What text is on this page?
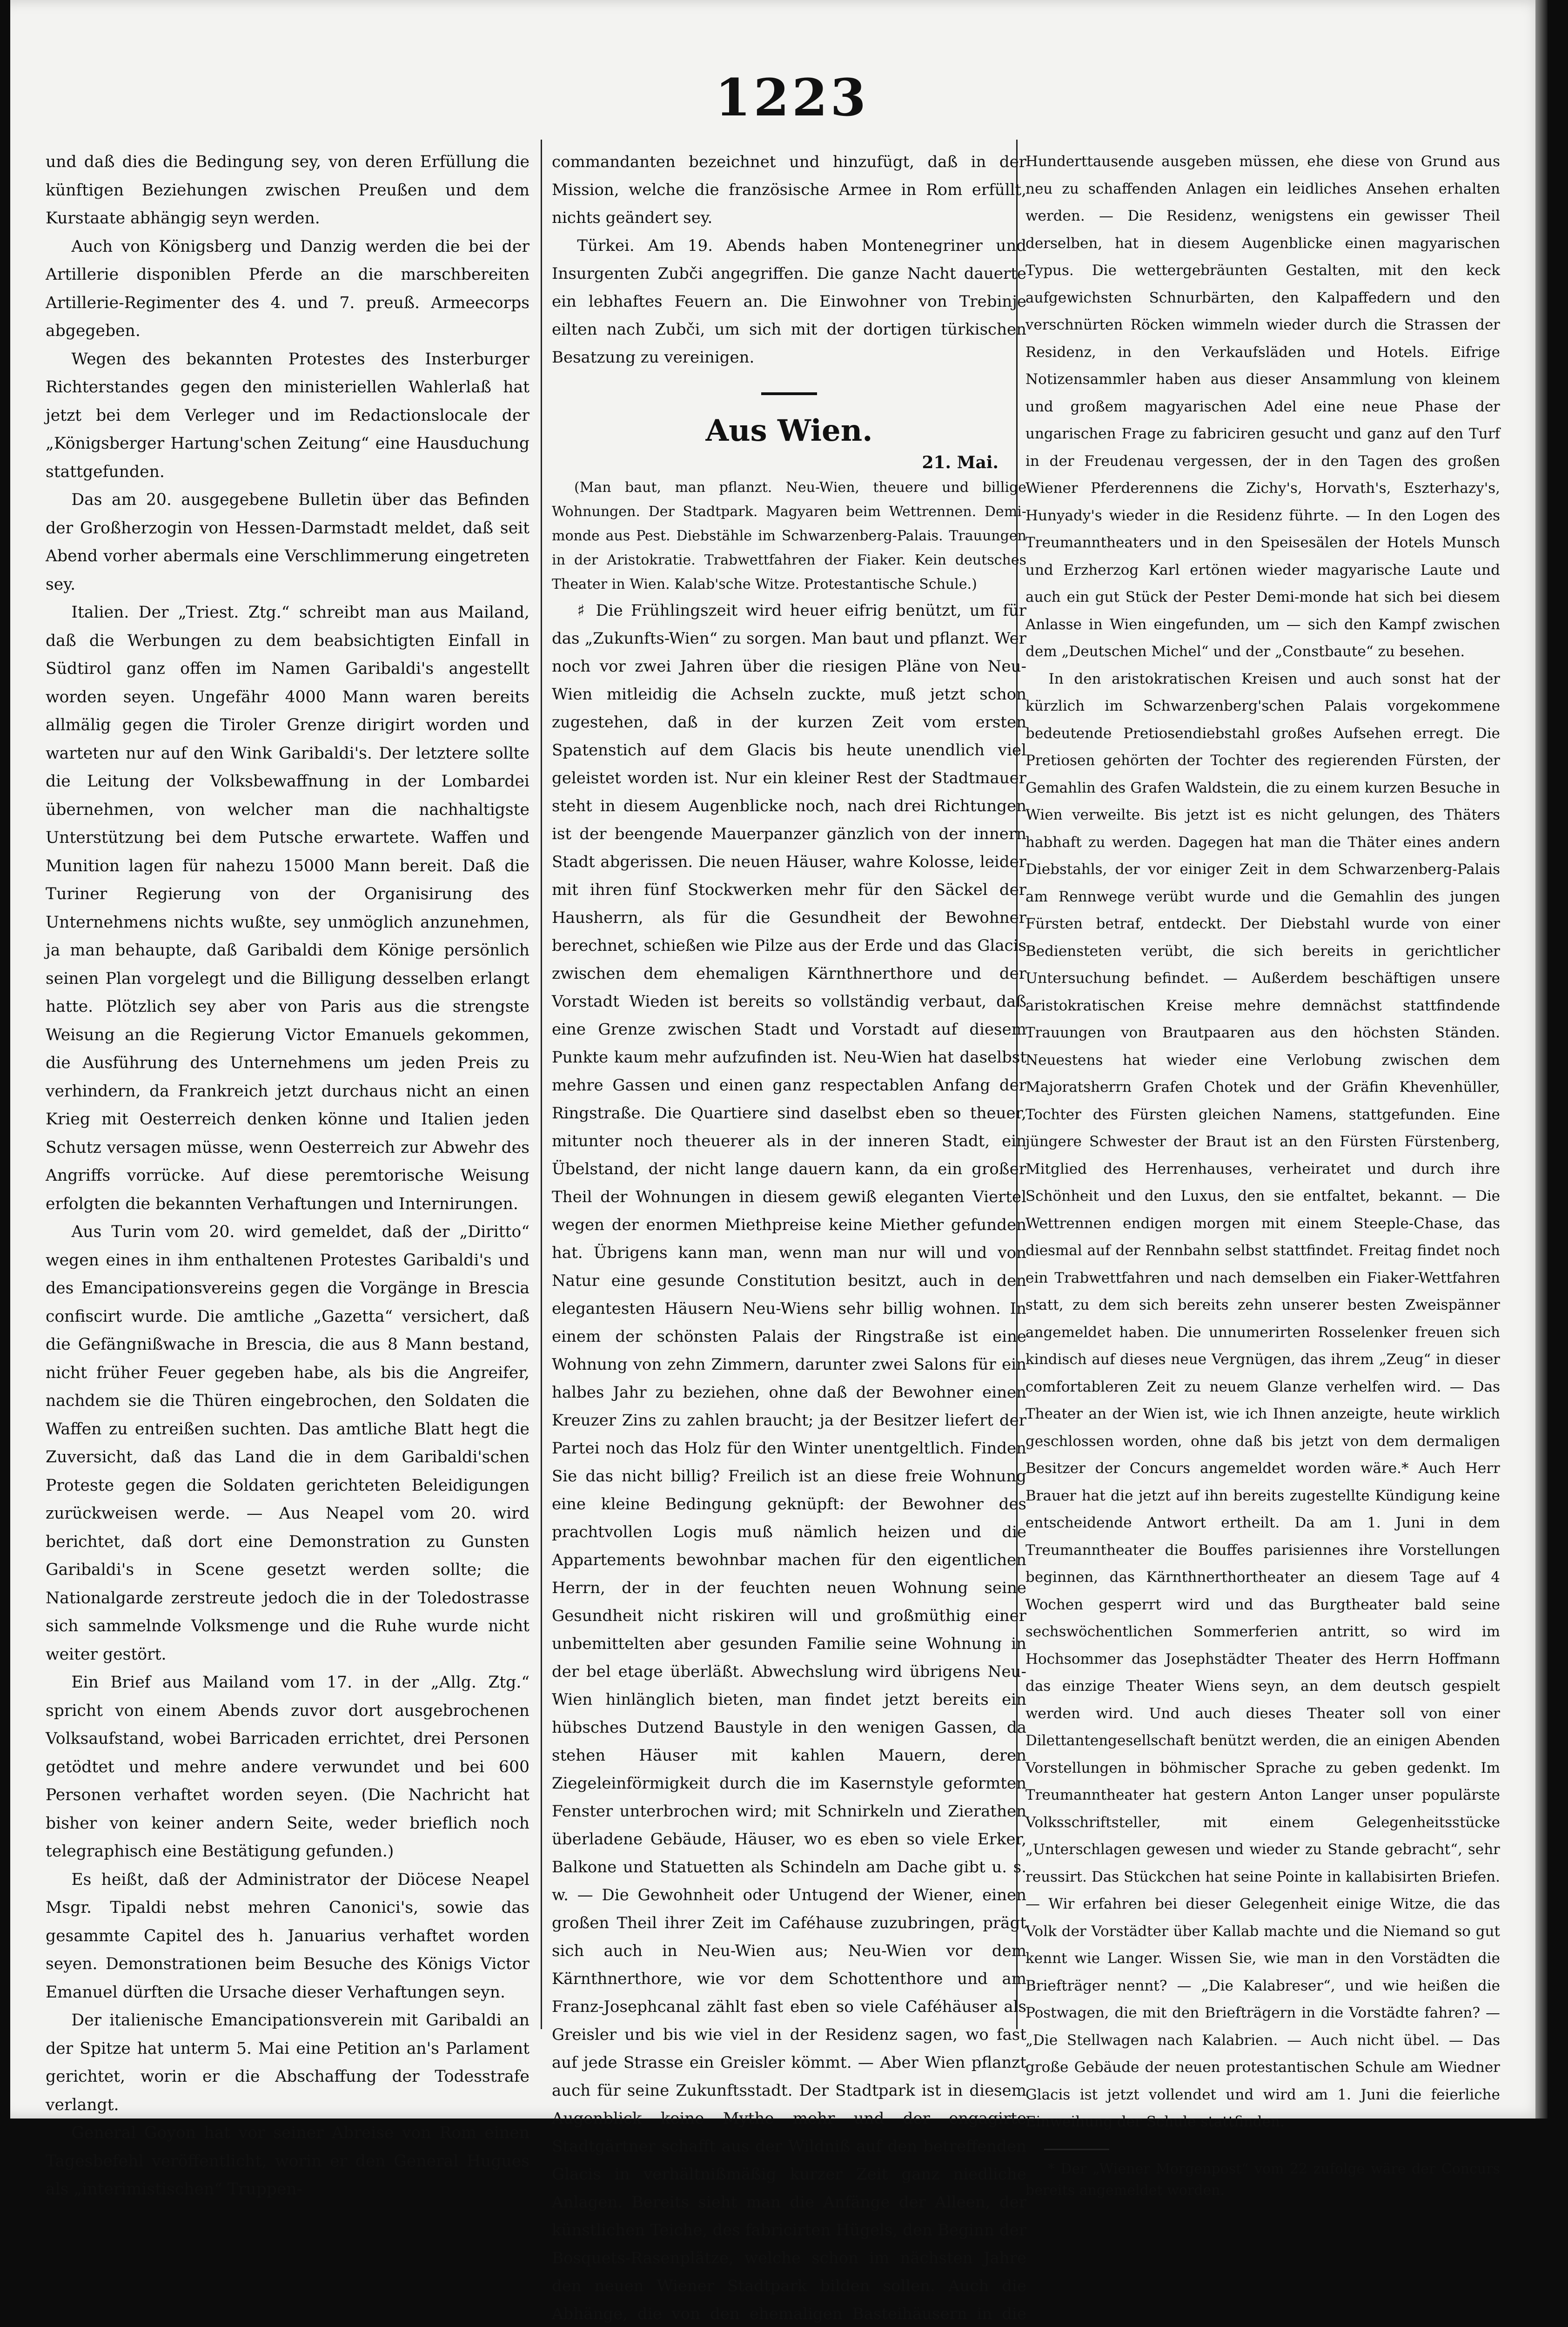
1223

und daß dies die Bedingung sey, von deren Erfüllung die künftigen Beziehungen zwischen Preußen und dem Kurstaate abhängig seyn werden.

Auch von Königsberg und Danzig werden die bei der Artillerie disponiblen Pferde an die marschbereiten Artillerie-Regimenter des 4. und 7. preuß. Armeecorps abgegeben.

Wegen des bekannten Protestes des Insterburger Richterstandes gegen den ministeriellen Wahlerlaß hat jetzt bei dem Verleger und im Redactionslocale der „Königsberger Hartung'schen Zeitung“ eine Hausduchung stattgefunden.

Das am 20. ausgegebene Bulletin über das Befinden der Großherzogin von Hessen-Darmstadt meldet, daß seit Abend vorher abermals eine Verschlimmerung eingetreten sey.

Italien. Der „Triest. Ztg.“ schreibt man aus Mailand, daß die Werbungen zu dem beabsichtigten Einfall in Südtirol ganz offen im Namen Garibaldi's angestellt worden seyen. Ungefähr 4000 Mann waren bereits allmälig gegen die Tiroler Grenze dirigirt worden und warteten nur auf den Wink Garibaldi's. Der letztere sollte die Leitung der Volksbewaffnung in der Lombardei übernehmen, von welcher man die nachhaltigste Unterstützung bei dem Putsche erwartete. Waffen und Munition lagen für nahezu 15000 Mann bereit. Daß die Turiner Regierung von der Organisirung des Unternehmens nichts wußte, sey unmöglich anzunehmen, ja man behaupte, daß Garibaldi dem Könige persönlich seinen Plan vorgelegt und die Billigung desselben erlangt hatte. Plötzlich sey aber von Paris aus die strengste Weisung an die Regierung Victor Emanuels gekommen, die Ausführung des Unternehmens um jeden Preis zu verhindern, da Frankreich jetzt durchaus nicht an einen Krieg mit Oesterreich denken könne und Italien jeden Schutz versagen müsse, wenn Oesterreich zur Abwehr des Angriffs vorrücke. Auf diese peremtorische Weisung erfolgten die bekannten Verhaftungen und Internirungen.

Aus Turin vom 20. wird gemeldet, daß der „Diritto“ wegen eines in ihm enthaltenen Protestes Garibaldi's und des Emancipationsvereins gegen die Vorgänge in Brescia confiscirt wurde. Die amtliche „Gazetta“ versichert, daß die Gefängnißwache in Brescia, die aus 8 Mann bestand, nicht früher Feuer gegeben habe, als bis die Angreifer, nachdem sie die Thüren eingebrochen, den Soldaten die Waffen zu entreißen suchten. Das amtliche Blatt hegt die Zuversicht, daß das Land die in dem Garibaldi'schen Proteste gegen die Soldaten gerichteten Beleidigungen zurückweisen werde. — Aus Neapel vom 20. wird berichtet, daß dort eine Demonstration zu Gunsten Garibaldi's in Scene gesetzt werden sollte; die Nationalgarde zerstreute jedoch die in der Toledostrasse sich sammelnde Volksmenge und die Ruhe wurde nicht weiter gestört.

Ein Brief aus Mailand vom 17. in der „Allg. Ztg.“ spricht von einem Abends zuvor dort ausgebrochenen Volksaufstand, wobei Barricaden errichtet, drei Personen getödtet und mehre andere verwundet und bei 600 Personen verhaftet worden seyen. (Die Nachricht hat bisher von keiner andern Seite, weder brieflich noch telegraphisch eine Bestätigung gefunden.)

Es heißt, daß der Administrator der Diöcese Neapel Msgr. Tipaldi nebst mehren Canonici's, sowie das gesammte Capitel des h. Januarius verhaftet worden seyen. Demonstrationen beim Besuche des Königs Victor Emanuel dürften die Ursache dieser Verhaftungen seyn.

Der italienische Emancipationsverein mit Garibaldi an der Spitze hat unterm 5. Mai eine Petition an's Parlament gerichtet, worin er die Abschaffung der Todesstrafe verlangt.

General Goyon hat vor seiner Abreise von Rom einen Tagesbefehl veröffentlicht, worin er den General Hugues als „interimistischen“ Truppen-

commandanten bezeichnet und hinzufügt, daß in der Mission, welche die französische Armee in Rom erfüllt, nichts geändert sey.

Türkei. Am 19. Abends haben Montenegriner und Insurgenten Zubči angegriffen. Die ganze Nacht dauerte ein lebhaftes Feuern an. Die Einwohner von Trebinje eilten nach Zubči, um sich mit der dortigen türkischen Besatzung zu vereinigen.

Aus Wien.
21. Mai.

(Man baut, man pflanzt. Neu-Wien, theuere und billige Wohnungen. Der Stadtpark. Magyaren beim Wettrennen. Demi-monde aus Pest. Diebstähle im Schwarzenberg-Palais. Trauungen in der Aristokratie. Trabwettfahren der Fiaker. Kein deutsches Theater in Wien. Kalab'sche Witze. Protestantische Schule.)

♯ Die Frühlingszeit wird heuer eifrig benützt, um für das „Zukunfts-Wien“ zu sorgen. Man baut und pflanzt. Wer noch vor zwei Jahren über die riesigen Pläne von Neu-Wien mitleidig die Achseln zuckte, muß jetzt schon zugestehen, daß in der kurzen Zeit vom ersten Spatenstich auf dem Glacis bis heute unendlich viel geleistet worden ist. Nur ein kleiner Rest der Stadtmauer steht in diesem Augenblicke noch, nach drei Richtungen ist der beengende Mauerpanzer gänzlich von der innern Stadt abgerissen. Die neuen Häuser, wahre Kolosse, leider mit ihren fünf Stockwerken mehr für den Säckel der Hausherrn, als für die Gesundheit der Bewohner berechnet, schießen wie Pilze aus der Erde und das Glacis zwischen dem ehemaligen Kärnthnerthore und der Vorstadt Wieden ist bereits so vollständig verbaut, daß eine Grenze zwischen Stadt und Vorstadt auf diesem Punkte kaum mehr aufzufinden ist. Neu-Wien hat daselbst mehre Gassen und einen ganz respectablen Anfang der Ringstraße. Die Quartiere sind daselbst eben so theuer, mitunter noch theuerer als in der inneren Stadt, ein Übelstand, der nicht lange dauern kann, da ein großer Theil der Wohnungen in diesem gewiß eleganten Viertel wegen der enormen Miethpreise keine Miether gefunden hat. Übrigens kann man, wenn man nur will und von Natur eine gesunde Constitution besitzt, auch in den elegantesten Häusern Neu-Wiens sehr billig wohnen. In einem der schönsten Palais der Ringstraße ist eine Wohnung von zehn Zimmern, darunter zwei Salons für ein halbes Jahr zu beziehen, ohne daß der Bewohner einen Kreuzer Zins zu zahlen braucht; ja der Besitzer liefert der Partei noch das Holz für den Winter unentgeltlich. Finden Sie das nicht billig? Freilich ist an diese freie Wohnung eine kleine Bedingung geknüpft: der Bewohner des prachtvollen Logis muß nämlich heizen und die Appartements bewohnbar machen für den eigentlichen Herrn, der in der feuchten neuen Wohnung seine Gesundheit nicht riskiren will und großmüthig einer unbemittelten aber gesunden Familie seine Wohnung in der bel etage überläßt. Abwechslung wird übrigens Neu-Wien hinlänglich bieten, man findet jetzt bereits ein hübsches Dutzend Baustyle in den wenigen Gassen, da stehen Häuser mit kahlen Mauern, deren Ziegeleinförmigkeit durch die im Kasernstyle geformten Fenster unterbrochen wird; mit Schnirkeln und Zierathen überladene Gebäude, Häuser, wo es eben so viele Erker, Balkone und Statuetten als Schindeln am Dache gibt u. s. w. — Die Gewohnheit oder Untugend der Wiener, einen großen Theil ihrer Zeit im Caféhause zuzubringen, prägt sich auch in Neu-Wien aus; Neu-Wien vor dem Kärnthnerthore, wie vor dem Schottenthore und am Franz-Josephcanal zählt fast eben so viele Caféhäuser als Greisler und bis wie viel in der Residenz sagen, wo fast auf jede Strasse ein Greisler kömmt. — Aber Wien pflanzt auch für seine Zukunftsstadt. Der Stadtpark ist in diesem Augenblick keine Mythe mehr und der engagirte Stadtgärtner schafft aus der Wildniß auf den betreffenden Glacis in verhältnißmäßig kurzer Zeit ganz niedliche Anlagen. Bereits sieht man die Anfänge der Alleen, der künstlichen Teiche, des fabricirten Hügels, den Beginn der Bosquets-Rasenplätze, welche schon im nächsten Jahre den neuen Wiener Stadtpark bilden sollen. Auch die Abhänge, die von den ehemaligen Basteihäusern in die

Hunderttausende ausgeben müssen, ehe diese von Grund aus neu zu schaffenden Anlagen ein leidliches Ansehen erhalten werden. — Die Residenz, wenigstens ein gewisser Theil derselben, hat in diesem Augenblicke einen magyarischen Typus. Die wettergebräunten Gestalten, mit den keck aufgewichsten Schnurbärten, den Kalpaffedern und den verschnürten Röcken wimmeln wieder durch die Strassen der Residenz, in den Verkaufsläden und Hotels. Eifrige Notizensammler haben aus dieser Ansammlung von kleinem und großem magyarischen Adel eine neue Phase der ungarischen Frage zu fabriciren gesucht und ganz auf den Turf in der Freudenau vergessen, der in den Tagen des großen Wiener Pferderennens die Zichy's, Horvath's, Eszterhazy's, Hunyady's wieder in die Residenz führte. — In den Logen des Treumanntheaters und in den Speisesälen der Hotels Munsch und Erzherzog Karl ertönen wieder magyarische Laute und auch ein gut Stück der Pester Demi-monde hat sich bei diesem Anlasse in Wien eingefunden, um — sich den Kampf zwischen dem „Deutschen Michel“ und der „Constbaute“ zu besehen.

In den aristokratischen Kreisen und auch sonst hat der kürzlich im Schwarzenberg'schen Palais vorgekommene bedeutende Pretiosendiebstahl großes Aufsehen erregt. Die Pretiosen gehörten der Tochter des regierenden Fürsten, der Gemahlin des Grafen Waldstein, die zu einem kurzen Besuche in Wien verweilte. Bis jetzt ist es nicht gelungen, des Thäters habhaft zu werden. Dagegen hat man die Thäter eines andern Diebstahls, der vor einiger Zeit in dem Schwarzenberg-Palais am Rennwege verübt wurde und die Gemahlin des jungen Fürsten betraf, entdeckt. Der Diebstahl wurde von einer Bediensteten verübt, die sich bereits in gerichtlicher Untersuchung befindet. — Außerdem beschäftigen unsere aristokratischen Kreise mehre demnächst stattfindende Trauungen von Brautpaaren aus den höchsten Ständen. Neuestens hat wieder eine Verlobung zwischen dem Majoratsherrn Grafen Chotek und der Gräfin Khevenhüller, Tochter des Fürsten gleichen Namens, stattgefunden. Eine jüngere Schwester der Braut ist an den Fürsten Fürstenberg, Mitglied des Herrenhauses, verheiratet und durch ihre Schönheit und den Luxus, den sie entfaltet, bekannt. — Die Wettrennen endigen morgen mit einem Steeple-Chase, das diesmal auf der Rennbahn selbst stattfindet. Freitag findet noch ein Trabwettfahren und nach demselben ein Fiaker-Wettfahren statt, zu dem sich bereits zehn unserer besten Zweispänner angemeldet haben. Die unnumerirten Rosselenker freuen sich kindisch auf dieses neue Vergnügen, das ihrem „Zeug“ in dieser comfortableren Zeit zu neuem Glanze verhelfen wird. — Das Theater an der Wien ist, wie ich Ihnen anzeigte, heute wirklich geschlossen worden, ohne daß bis jetzt von dem dermaligen Besitzer der Concurs angemeldet worden wäre.* Auch Herr Brauer hat die jetzt auf ihn bereits zugestellte Kündigung keine entscheidende Antwort ertheilt. Da am 1. Juni in dem Treumanntheater die Bouffes parisiennes ihre Vorstellungen beginnen, das Kärnthnerthortheater an diesem Tage auf 4 Wochen gesperrt wird und das Burgtheater bald seine sechswöchentlichen Sommerferien antritt, so wird im Hochsommer das Josephstädter Theater des Herrn Hoffmann das einzige Theater Wiens seyn, an dem deutsch gespielt werden wird. Und auch dieses Theater soll von einer Dilettantengesellschaft benützt werden, die an einigen Abenden Vorstellungen in böhmischer Sprache zu geben gedenkt. Im Treumanntheater hat gestern Anton Langer unser populärste Volksschriftsteller, mit einem Gelegenheitsstücke „Unterschlagen gewesen und wieder zu Stande gebracht“, sehr reussirt. Das Stückchen hat seine Pointe in kallabisirten Briefen. — Wir erfahren bei dieser Gelegenheit einige Witze, die das Volk der Vorstädter über Kallab machte und die Niemand so gut kennt wie Langer. Wissen Sie, wie man in den Vorstädten die Briefträger nennt? — „Die Kalabreser“, und wie heißen die Postwagen, die mit den Briefträgern in die Vorstädte fahren? — „Die Stellwagen nach Kalabrien. — Auch nicht übel. — Das große Gebäude der neuen protestantischen Schule am Wiedner Glacis ist jetzt vollendet und wird am 1. Juni die feierliche Einweihung der Schule stattfinden.

* Der „Wiener Morgenpost“ vom 22 zufolge wäre der Concurs bereits angemeldet worden.
